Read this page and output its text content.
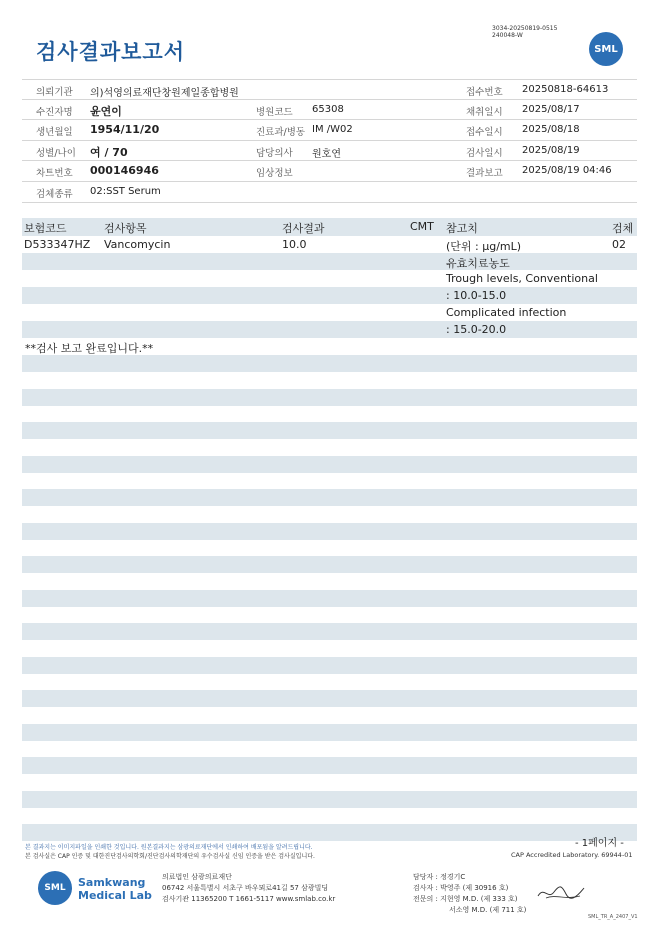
3034-20250819-0515
240048-W
검사결과보고서	SML
의뢰기관 의)석영의료재단창원제일종합병원	접수번호 20250818-64613
수진자명 윤연이	병원코드 65308	채취일시 2025/08/17
생년월일 1954/11/20	진료과/병동 IM /W02	접수일시 2025/08/18
성별/나이 여 / 70	담당의사 원호연	검사일시 2025/08/19
차트번호 000146946	임상정보	결과보고 2025/08/19 04:46
검체종류 02:SST Serum
보험코드	검사항목	검사결과	CMT 참고치	검체
D533347HZ Vancomycin	10.0	(단위 : μg/mL)	02
유효치료농도
Trough levels, Conventional
: 10.0-15.0
Complicated infection
: 15.0-20.0
**검사 보고 완료입니다.**
- 1페이지 -
본 결과지는 이미지파일을 인쇄한 것입니다. 원본결과지는 삼광의료재단에서 인쇄하여 배포됨을 알려드립니다.
본 검사실은 CAP 인증 및 대한진단검사의학회/진단검사의학재단의 우수검사실 신임 인증을 받은 검사실입니다.	CAP Accredited Laboratory. 69944-01
SML	Samkwang
Medical Lab
의료법인 삼광의료재단
06742 서울특별시 서초구 바우뫼로41길 57 삼광빌딩
검사기관 11365200 T 1661-5117 www.smlab.co.kr
담당자 : 정경기C
검사자 : 박영주 (제 30916 호)
전문의 : 지현영 M.D. (제 333 호)
서소영 M.D. (제 711 호)
SML_TR_A_2407_V1
